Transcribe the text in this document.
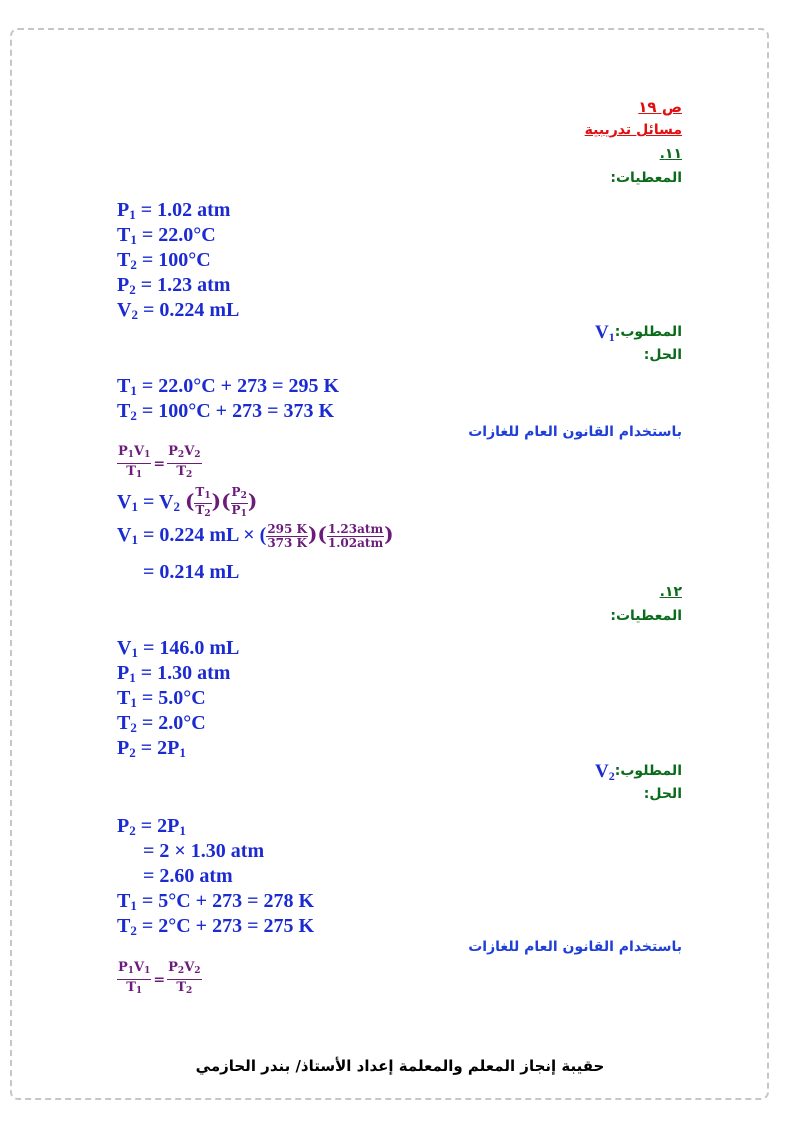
ص ١٩
مسائل تدريبية
١١.
المعطيات:
$P_1 = 1.02$ atm
$T_1 = 22.0^\circ C$
$T_2 = 100^\circ C$
$P_2 = 1.23$ atm
$V_2 = 0.224$ mL
$المطلوب:V_1$
الحل:
$T_1 = 22.0^\circ C + 273 = 295$ K
$T_2 = 100^\circ C + 273 = 373$ K
باستخدام القانون العام للغازات
$\frac{P_1V_1}{T_1} = \frac{P_2V_2}{T_2}$
$V_1 = V_2$ ( $\frac{T_1}{T_2}$ )( $\frac{P_2}{P_1}$ )
$V_1 = 0.224$ mL × ( $\frac{295 K}{373 K}$ )( $\frac{\text{1.23atm}}{\text{1.02atm}}$ )
= 0.214 mL
١٢.
المعطيات:
$V_1 = 146.0$ mL
$P_1 = 1.30$ atm
$T_1 = 5.0^\circ C$
$T_2 = 2.0^\circ C$
$P_2 = 2P_1$
$المطلوب:V_2$
الحل:
$P_2 = 2P_1$
= 2 × 1.30 atm
= 2.60 atm
$T_1 = 5^\circ C + 273 = 278$ K
$T_2 = 2^\circ C + 273 = 275$ K
باستخدام القانون العام للغازات
$\frac{P_1V_1}{T_1} = \frac{P_2V_2}{T_2}$
حقيبة إنجاز المعلم والمعلمة إعداد الأستاذ/ بندر الحازمي
